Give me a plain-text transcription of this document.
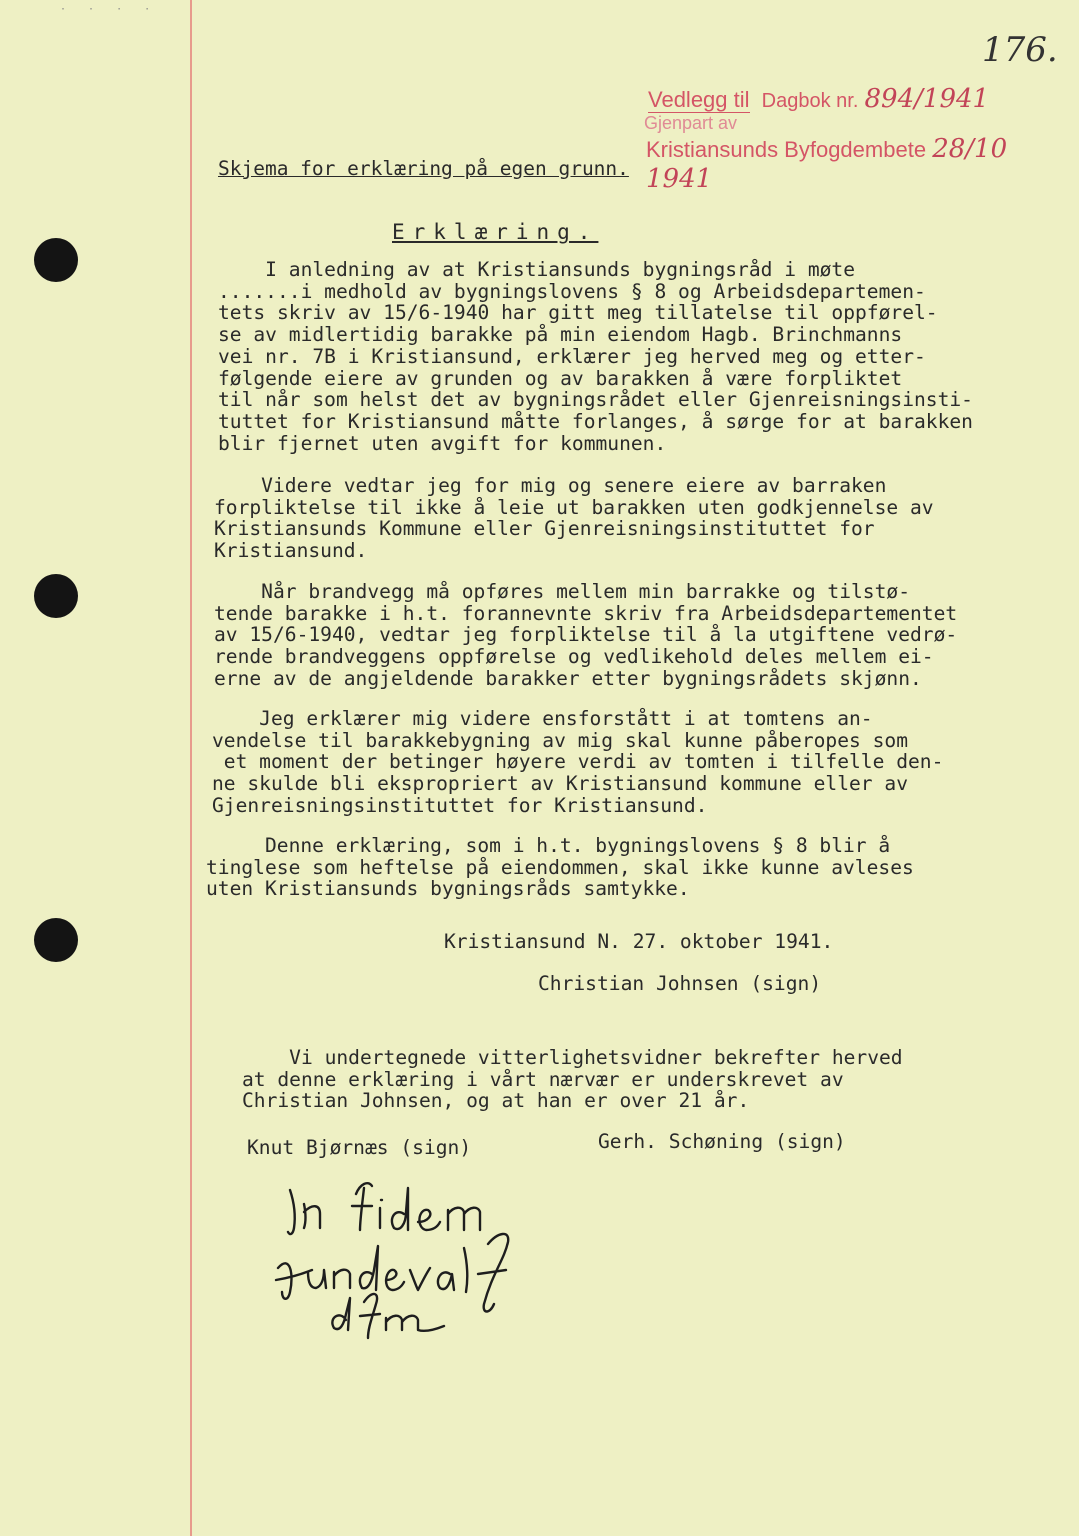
· · · ·
176.
Vedlegg til Dagbok nr. 894/1941
Gjenpart av
Kristiansunds Byfogdembete 28/10 1941
Skjema for erklæring på egen grunn.
Erklæring.
I anledning av at Kristiansunds bygningsråd i møte
.......i medhold av bygningslovens § 8 og Arbeidsdepartemen-
tets skriv av 15/6-1940 har gitt meg tillatelse til oppførel-
se av midlertidig barakke på min eiendom Hagb. Brinchmanns
vei nr. 7B i Kristiansund, erklærer jeg herved meg og etter-
følgende eiere av grunden og av barakken å være forpliktet
til når som helst det av bygningsrådet eller Gjenreisningsinsti-
tuttet for Kristiansund måtte forlanges, å sørge for at barakken
blir fjernet uten avgift for kommunen.
Videre vedtar jeg for mig og senere eiere av barraken
forpliktelse til ikke å leie ut barakken uten godkjennelse av
Kristiansunds Kommune eller Gjenreisningsinstituttet for
Kristiansund.
Når brandvegg må opføres mellem min barrakke og tilstø-
tende barakke i h.t. forannevnte skriv fra Arbeidsdepartementet
av 15/6-1940, vedtar jeg forpliktelse til å la utgiftene vedrø-
rende brandveggens oppførelse og vedlikehold deles mellem ei-
erne av de angjeldende barakker etter bygningsrådets skjønn.
Jeg erklærer mig videre ensforstått i at tomtens an-
vendelse til barakkebygning av mig skal kunne påberopes som
et moment der betinger høyere verdi av tomten i tilfelle den-
ne skulde bli ekspropriert av Kristiansund kommune eller av
Gjenreisningsinstituttet for Kristiansund.
Denne erklæring, som i h.t. bygningslovens § 8 blir å
tinglese som heftelse på eiendommen, skal ikke kunne avleses
uten Kristiansunds bygningsråds samtykke.
Kristiansund N. 27. oktober 1941.
Christian Johnsen (sign)
Vi undertegnede vitterlighetsvidner bekrefter herved
at denne erklæring i vårt nærvær er underskrevet av
Christian Johnsen, og at han er over 21 år.
Knut Bjørnæs (sign)	Gerh. Schøning (sign)
